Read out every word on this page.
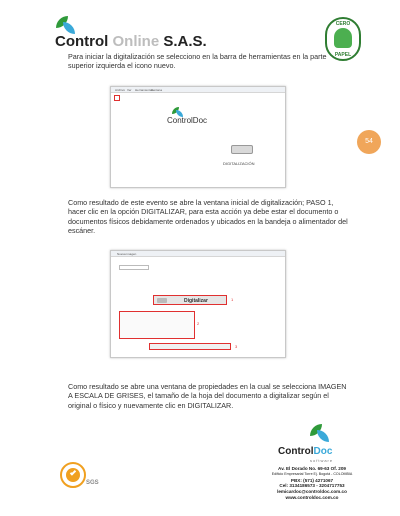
Control Online S.A.S.
CERO
PAPEL
54

Para iniciar la digitalización se selecciono en la barra de herramientas en la parte superior izquierda el icono nuevo.

Archivo Ver Herramientas
Ventana
ControlDoc
DIGITALIZACIÓN

Como resultado de este evento se abre la ventana inicial de digitalización; PASO 1, hacer clic en la opción DIGITALIZAR, para esta acción ya debe estar el documento o documentos físicos debidamente ordenados y ubicados en la bandeja o alimentador del escáner.

Nueva imagen
Digitalizar	1
2
3

Como resultado se abre una ventana de propiedades en la cual se selecciona IMAGEN A ESCALA DE GRISES, el tamaño de la hoja del documento a digitalizar según el original o físico y nuevamente clic en DIGITALIZAR.

SGS
ControlDoc
software
Av. El Dorado No. 69-63 Of. 209
Edificio Empresarial Torre Ej. Bogotá - COLOMBIA
PBX: (571) 4271067
Cel: 3134186573 - 3204717753
lemicardoc@controldoc.com.co
www.controldoc.com.co
